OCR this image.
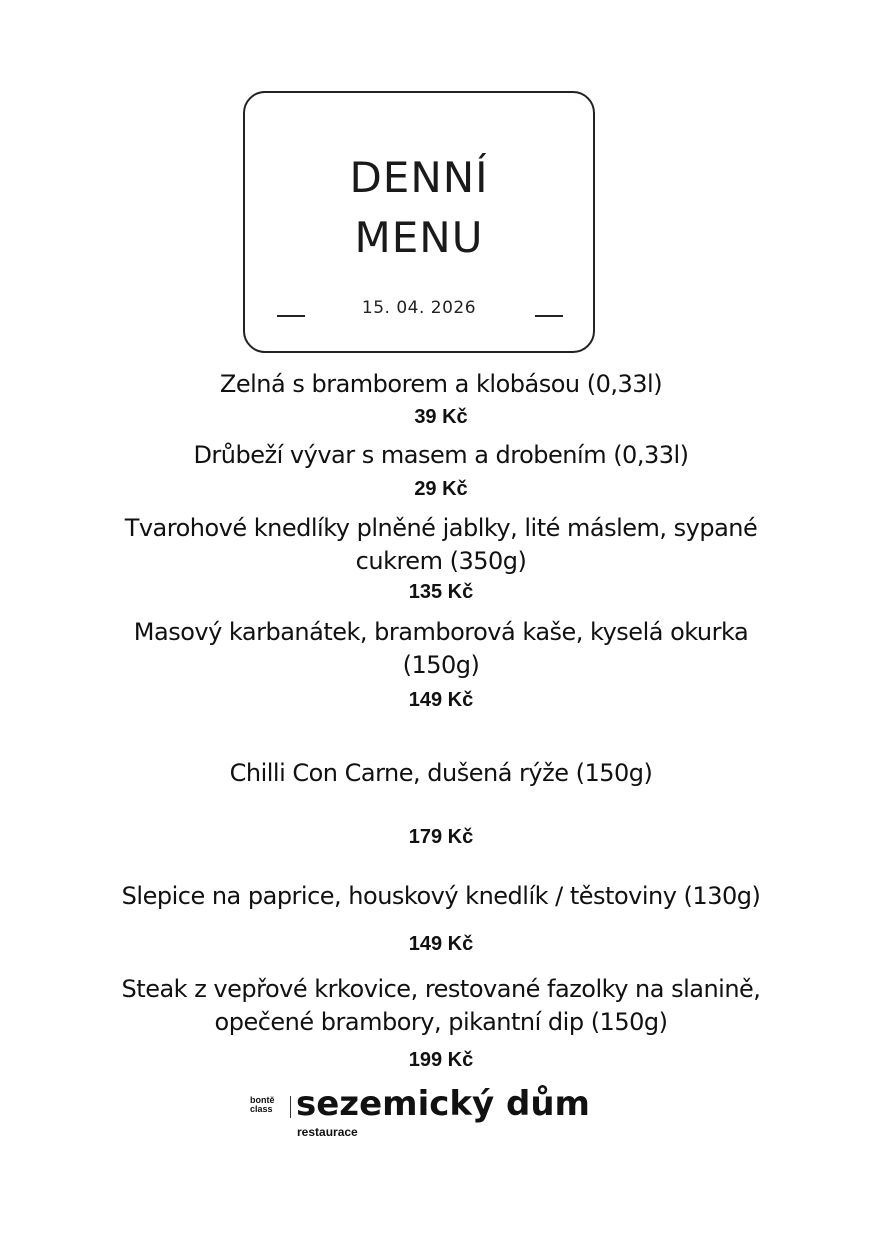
DENNÍ
MENU
15. 04. 2026
Zelná s bramborem a klobásou (0,33l)
39 Kč
Drůbeží vývar s masem a drobením (0,33l)
29 Kč
Tvarohové knedlíky plněné jablky, lité máslem, sypané
cukrem (350g)
135 Kč
Masový karbanátek, bramborová kaše, kyselá okurka
(150g)
149 Kč
Chilli Con Carne, dušená rýže (150g)
179 Kč
Slepice na paprice, houskový knedlík / těstoviny (130g)
149 Kč
Steak z vepřové krkovice, restované fazolky na slanině,
opečené brambory, pikantní dip (150g)
199 Kč
bontě
class sezemický dům
restaurace
